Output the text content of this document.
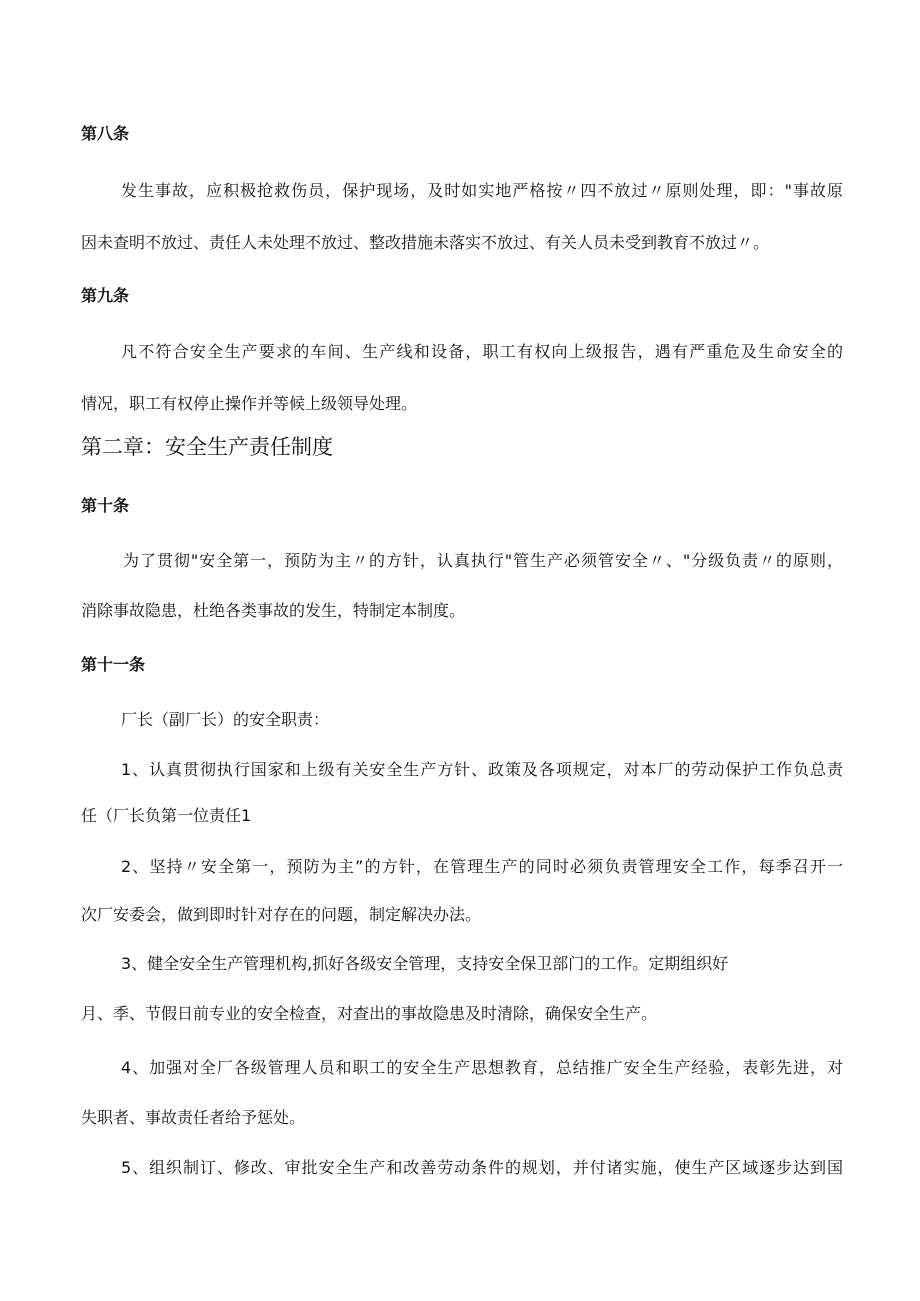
第八条

发生事故，应积极抢救伤员，保护现场，及时如实地严格按〃四不放过〃原则处理，即："事故原
因未查明不放过、责任人未处理不放过、整改措施未落实不放过、有关人员未受到教育不放过〃。

第九条

凡不符合安全生产要求的车间、生产线和设备，职工有权向上级报告，遇有严重危及生命安全的
情况，职工有权停止操作并等候上级领导处理。

第二章：安全生产责任制度
第十条

为了贯彻"安全第一，预防为主〃的方针，认真执行"管生产必须管安全〃、"分级负责〃的原则，
消除事故隐患，杜绝各类事故的发生，特制定本制度。

第十一条

厂长（副厂长）的安全职责：

1、认真贯彻执行国家和上级有关安全生产方针、政策及各项规定，对本厂的劳动保护工作负总责
任（厂长负第一位责任1

2、坚持〃安全第一，预防为主”的方针，在管理生产的同时必须负责管理安全工作，每季召开一
次厂安委会，做到即时针对存在的问题，制定解决办法。

3、健全安全生产管理机构,抓好各级安全管理，支持安全保卫部门的工作。定期组织好
月、季、节假日前专业的安全检查，对查出的事故隐患及时清除，确保安全生产。

4、加强对全厂各级管理人员和职工的安全生产思想教育，总结推广安全生产经验，表彰先进，对
失职者、事故责任者给予惩处。

5、组织制订、修改、审批安全生产和改善劳动条件的规划，并付诸实施，使生产区域逐步达到国
